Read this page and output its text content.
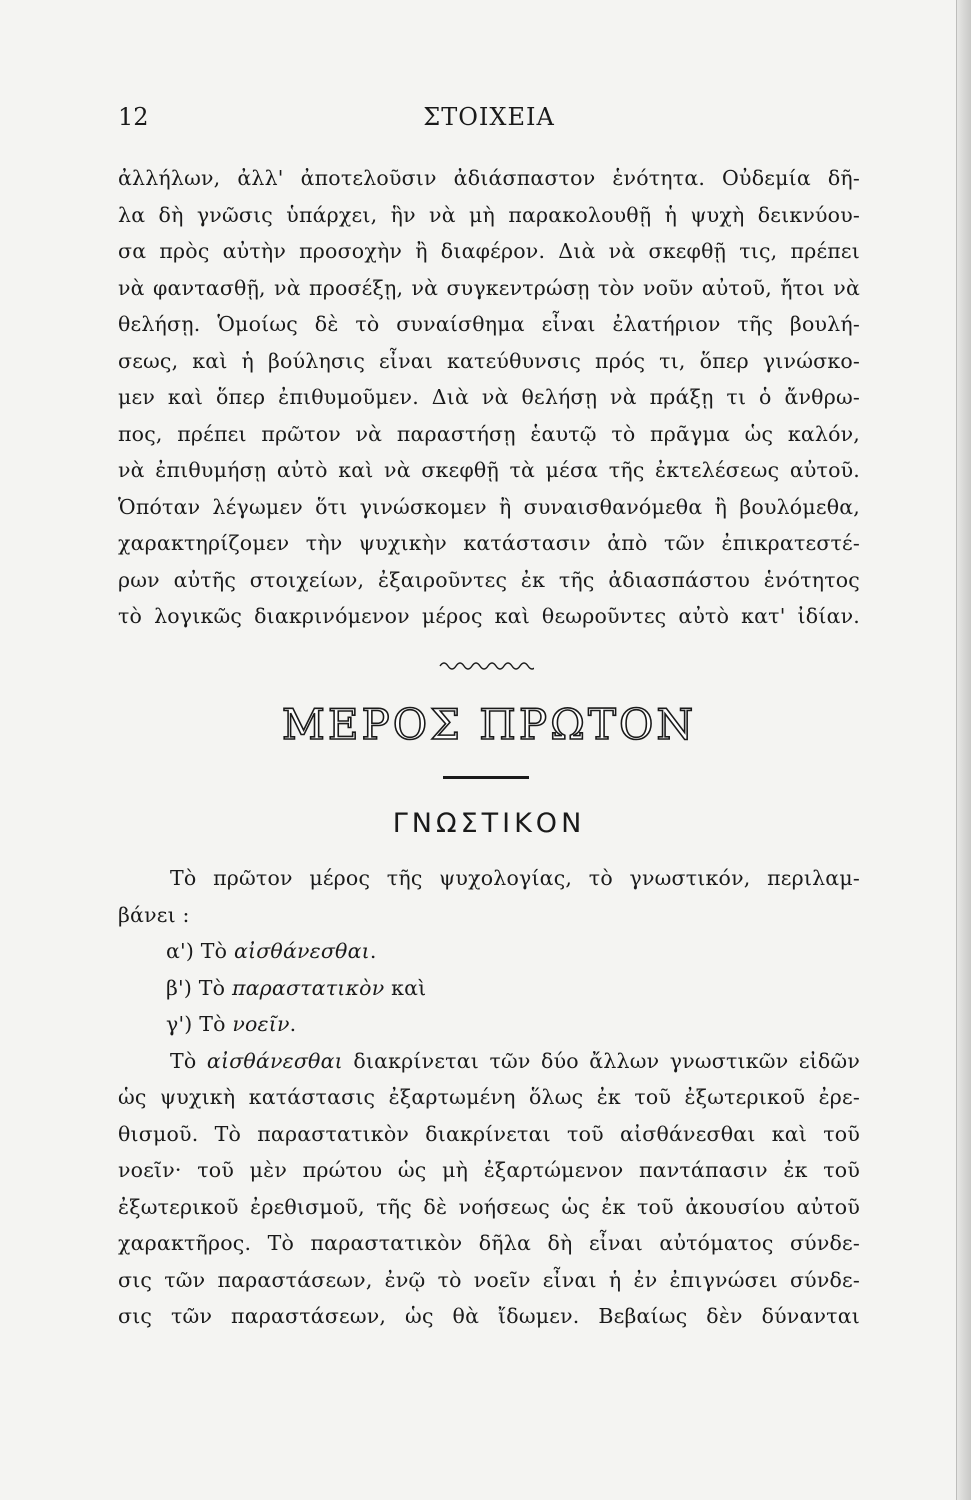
12	ΣΤΟΙΧΕΙΑ

ἀλλήλων, ἀλλ' ἀποτελοῦσιν ἀδιάσπαστον ἑνότητα. Οὐδεμία δῆ-

λα δὴ γνῶσις ὑπάρχει, ἣν νὰ μὴ παρακολουθῇ ἡ ψυχὴ δεικνύου-

σα πρὸς αὐτὴν προσοχὴν ἢ διαφέρον. Διὰ νὰ σκεφθῇ τις, πρέπει

νὰ φαντασθῇ, νὰ προσέξῃ, νὰ συγκεντρώσῃ τὸν νοῦν αὐτοῦ, ἤτοι νὰ

θελήσῃ. Ὁμοίως δὲ τὸ συναίσθημα εἶναι ἐλατήριον τῆς βουλή-

σεως, καὶ ἡ βούλησις εἶναι κατεύθυνσις πρός τι, ὅπερ γινώσκο-

μεν καὶ ὅπερ ἐπιθυμοῦμεν. Διὰ νὰ θελήσῃ νὰ πράξῃ τι ὁ ἄνθρω-

πος, πρέπει πρῶτον νὰ παραστήσῃ ἑαυτῷ τὸ πρᾶγμα ὡς καλόν,

νὰ ἐπιθυμήσῃ αὐτὸ καὶ νὰ σκεφθῇ τὰ μέσα τῆς ἐκτελέσεως αὐτοῦ.

Ὁπόταν λέγωμεν ὅτι γινώσκομεν ἢ συναισθανόμεθα ἢ βουλόμεθα,

χαρακτηρίζομεν τὴν ψυχικὴν κατάστασιν ἀπὸ τῶν ἐπικρατεστέ-

ρων αὐτῆς στοιχείων, ἐξαιροῦντες ἐκ τῆς ἀδιασπάστου ἑνότητος

τὸ λογικῶς διακρινόμενον μέρος καὶ θεωροῦντες αὐτὸ κατ' ἰδίαν.

ΜΕΡΟΣ ΠΡΩΤΟΝ
ΓΝΩΣΤΙΚΟΝ

Τὸ πρῶτον μέρος τῆς ψυχολογίας, τὸ γνωστικόν, περιλαμ-

βάνει :

α') Τὸ αἰσθάνεσθαι.

β') Τὸ παραστατικὸν καὶ

γ') Τὸ νοεῖν.

Τὸ αἰσθάνεσθαι διακρίνεται τῶν δύο ἄλλων γνωστικῶν εἰδῶν

ὡς ψυχικὴ κατάστασις ἐξαρτωμένη ὅλως ἐκ τοῦ ἐξωτερικοῦ ἐρε-

θισμοῦ. Τὸ παραστατικὸν διακρίνεται τοῦ αἰσθάνεσθαι καὶ τοῦ

νοεῖν· τοῦ μὲν πρώτου ὡς μὴ ἐξαρτώμενον παντάπασιν ἐκ τοῦ

ἐξωτερικοῦ ἐρεθισμοῦ, τῆς δὲ νοήσεως ὡς ἐκ τοῦ ἀκουσίου αὐτοῦ

χαρακτῆρος. Τὸ παραστατικὸν δῆλα δὴ εἶναι αὐτόματος σύνδε-

σις τῶν παραστάσεων, ἐνῷ τὸ νοεῖν εἶναι ἡ ἐν ἐπιγνώσει σύνδε-

σις τῶν παραστάσεων, ὡς θὰ ἴδωμεν. Βεβαίως δὲν δύνανται
